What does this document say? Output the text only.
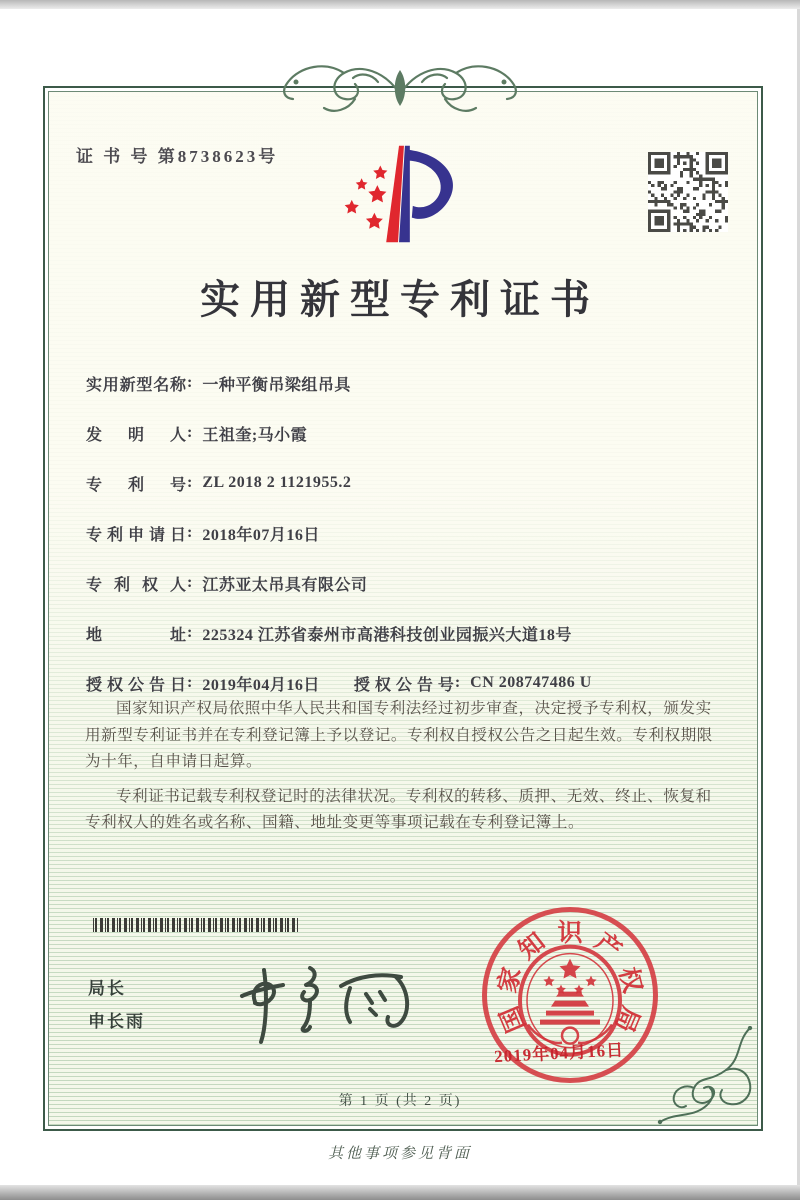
证 书 号 第8738623号
实用新型专利证书
实用新型名称 : 一种平衡吊梁组吊具
发明人 : 王祖奎;马小霞
专利号 : ZL 2018 2 1121955.2
专利申请日 : 2018年07月16日
专利权人 : 江苏亚太吊具有限公司
地址 : 225324 江苏省泰州市高港科技创业园振兴大道18号
授权公告日 : 2019年04月16日 授权公告号 : CN 208747486 U

国家知识产权局依照中华人民共和国专利法经过初步审查，决定授予专利权，颁发实用新型专利证书并在专利登记簿上予以登记。专利权自授权公告之日起生效。专利权期限为十年，自申请日起算。

专利证书记载专利权登记时的法律状况。专利权的转移、质押、无效、终止、恢复和专利权人的姓名或名称、国籍、地址变更等事项记载在专利登记簿上。

局长
申长雨	国
家
知 识 产
权
局
2019年04月16日
第 1 页 (共 2 页)
其他事项参见背面
